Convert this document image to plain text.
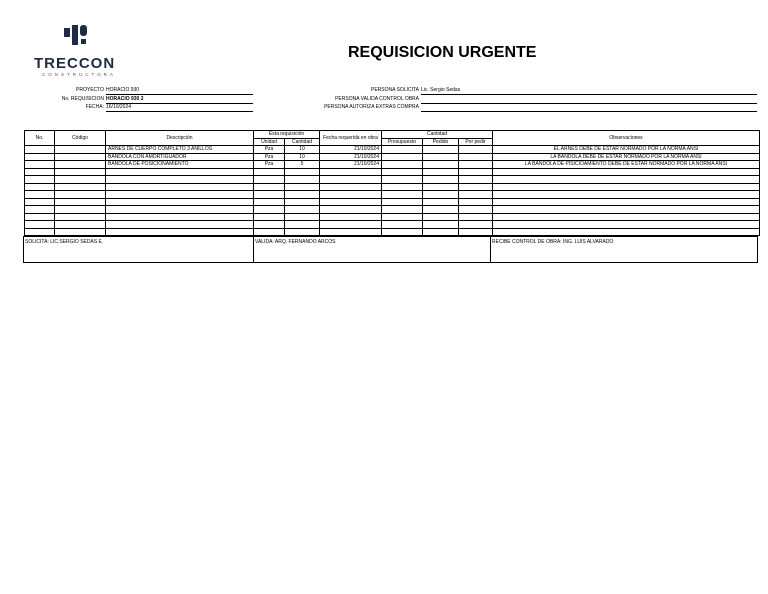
TRECCON
CONSTRUCTORA
REQUISICION URGENTE
PROYECTO HORACIO 930
No. REQUISICION HORACIO 930 2
FECHA: 16/10/2024
PERSONA SOLICITA Lic. Sergio Sedas
PERSONA VALIDA CONTROL OBRA
PERSONA AUTORIZA EXTRAS COMPRA
No.	Código	Descripción	Esta requisición		Fecha requerida en obra	Cantidad			Observaciones
			Unidad	Cantidad		Presupuesto	Pedido	Por pedir	
		ARNES DE CUERPO COMPLETO 3 ANILLOS	Pza	10	21/10/2024				EL ARNES DEBE DE ESTAR NORMADO POR LA NORMA ANSI
		BANDOLA CON AMORTIGUADOR	Pza	10	21/10/2024				LA BANDOLA DEBE DE ESTAR NORMADO POR LA NORMA ANSI
		BANDOLA DE POSICIONAMIENTO	Pza	5	21/10/2024				LA BANDOLA DE PISICIOAMIENTO DEBE DE ESTAR NORMADO POR LA NORMA ANSI

SOLICITA: LIC.SERGIO SEDAS E.	VALIDA: ARQ. FERNANDO ARCOS	RECIBE CONTROL DE OBRA: ING. LUIS ALVARADO
